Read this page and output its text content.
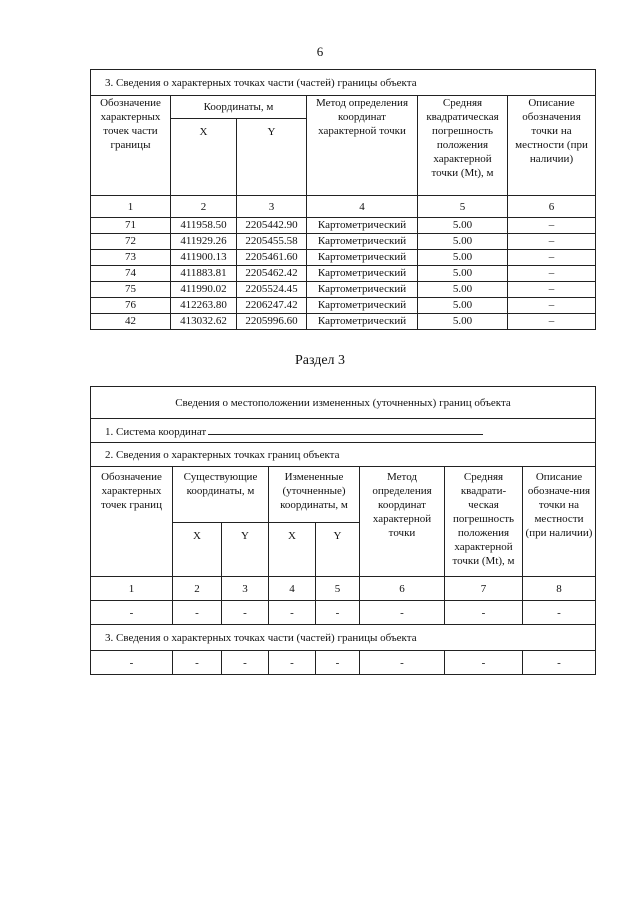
6
3. Сведения о характерных точках части (частей) границы объекта					
Обозначение характерных точек части границы	Координаты, м		Метод определения координат характерной точки	Средняя квадратическая погрешность положения характерной точки (Mt), м	Описание обозначения точки на местности (при наличии)
	X	Y			
1	2	3	4	5	6
71	411958.50	2205442.90	Картометрический	5.00	–
72	411929.26	2205455.58	Картометрический	5.00	–
73	411900.13	2205461.60	Картометрический	5.00	–
74	411883.81	2205462.42	Картометрический	5.00	–
75	411990.02	2205524.45	Картометрический	5.00	–
76	412263.80	2206247.42	Картометрический	5.00	–
42	413032.62	2205996.60	Картометрический	5.00	–
Раздел 3
Сведения о местоположении измененных (уточненных) границ объекта							
1. Система координат							
2. Сведения о характерных точках границ объекта							
Обозначение характерных точек границ	Существующие координаты, м		Измененные (уточненные) координаты, м		Метод определения координат характерной точки	Средняя квадрати-ческая погрешность положения характерной точки (Mt), м	Описание обозначе-ния точки на местности (при наличии)
	X	Y	X	Y			
1	2	3	4	5	6	7	8
-	-	-	-	-	-	-	-
3. Сведения о характерных точках части (частей) границы объекта							
-	-	-	-	-	-	-	-
